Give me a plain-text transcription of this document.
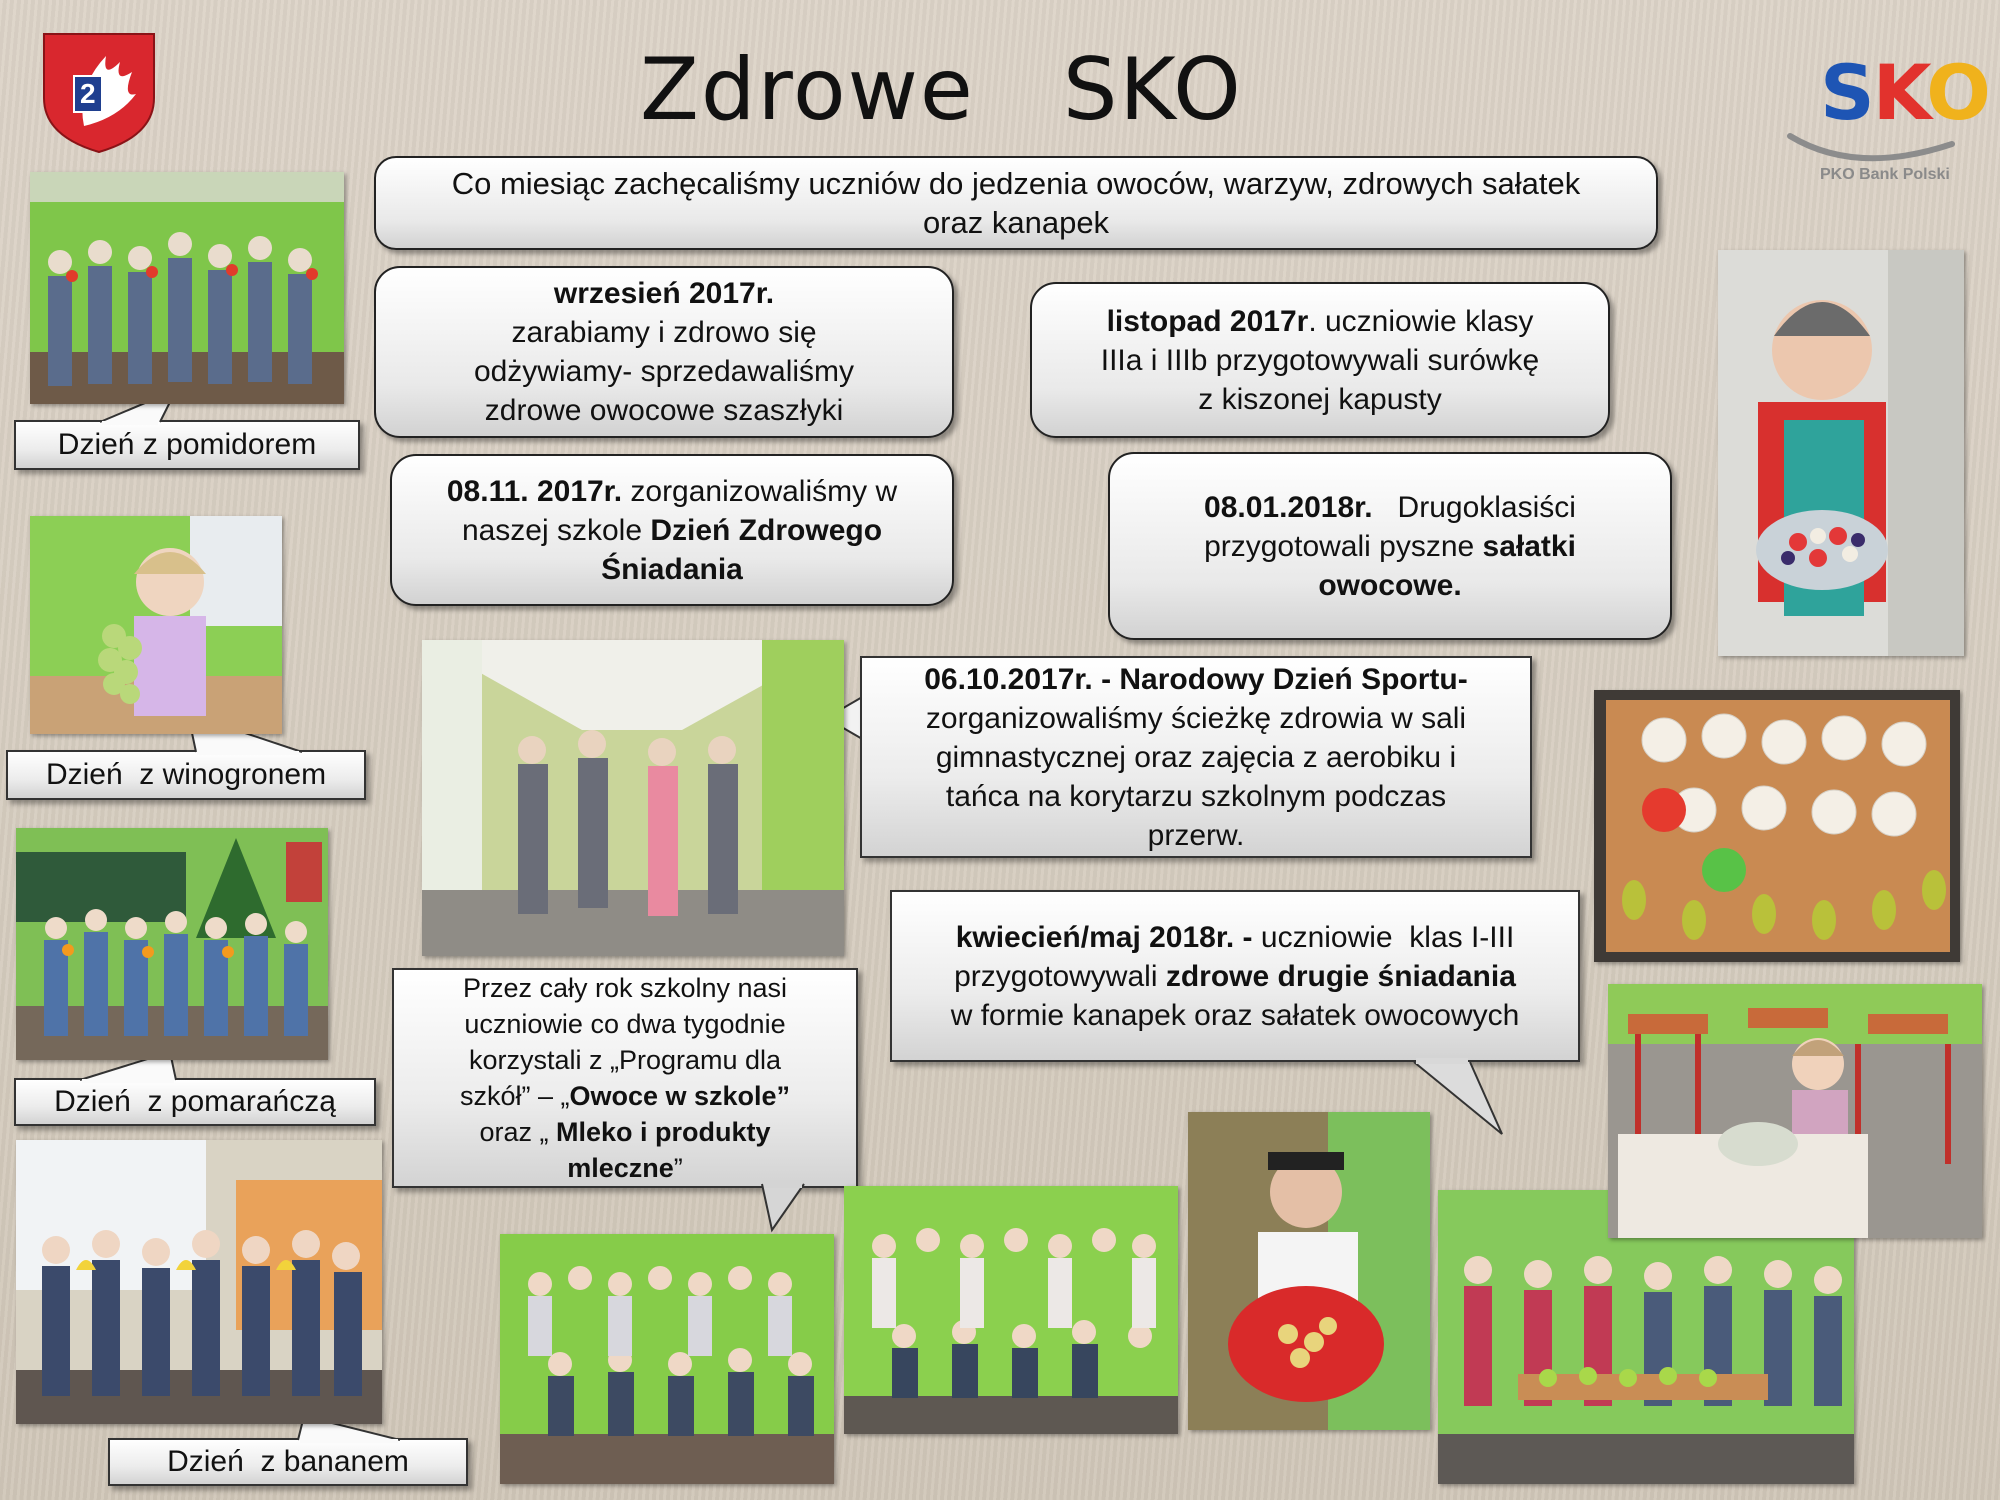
Zdrowe   SKO
2	SKO
PKO Bank Polski
Co miesiąc zachęcaliśmy uczniów do jedzenia owoców, warzyw, zdrowych sałatek
oraz kanapek
wrzesień 2017r.
zarabiamy i zdrowo się
odżywiamy- sprzedawaliśmy
zdrowe owocowe szaszłyki
listopad 2017r. uczniowie klasy
IIIa i IIIb przygotowywali surówkę
z kiszonej kapusty
08.11. 2017r. zorganizowaliśmy w
naszej szkole Dzień Zdrowego
Śniadania
08.01.2018r.   Drugoklasiści
przygotowali pyszne sałatki
owocowe.
06.10.2017r. - Narodowy Dzień Sportu-
zorganizowaliśmy ścieżkę zdrowia w sali
gimnastycznej oraz zajęcia z aerobiku i
tańca na korytarzu szkolnym podczas
przerw.
kwiecień/maj 2018r. - uczniowie  klas I-III
przygotowywali zdrowe drugie śniadania
w formie kanapek oraz sałatek owocowych
Przez cały rok szkolny nasi
uczniowie co dwa tygodnie
korzystali z „Programu dla
szkół” – „Owoce w szkole”
oraz „ Mleko i produkty
mleczne”
Dzień z pomidorem
Dzień  z winogronem
Dzień  z pomarańczą
Dzień  z bananem
